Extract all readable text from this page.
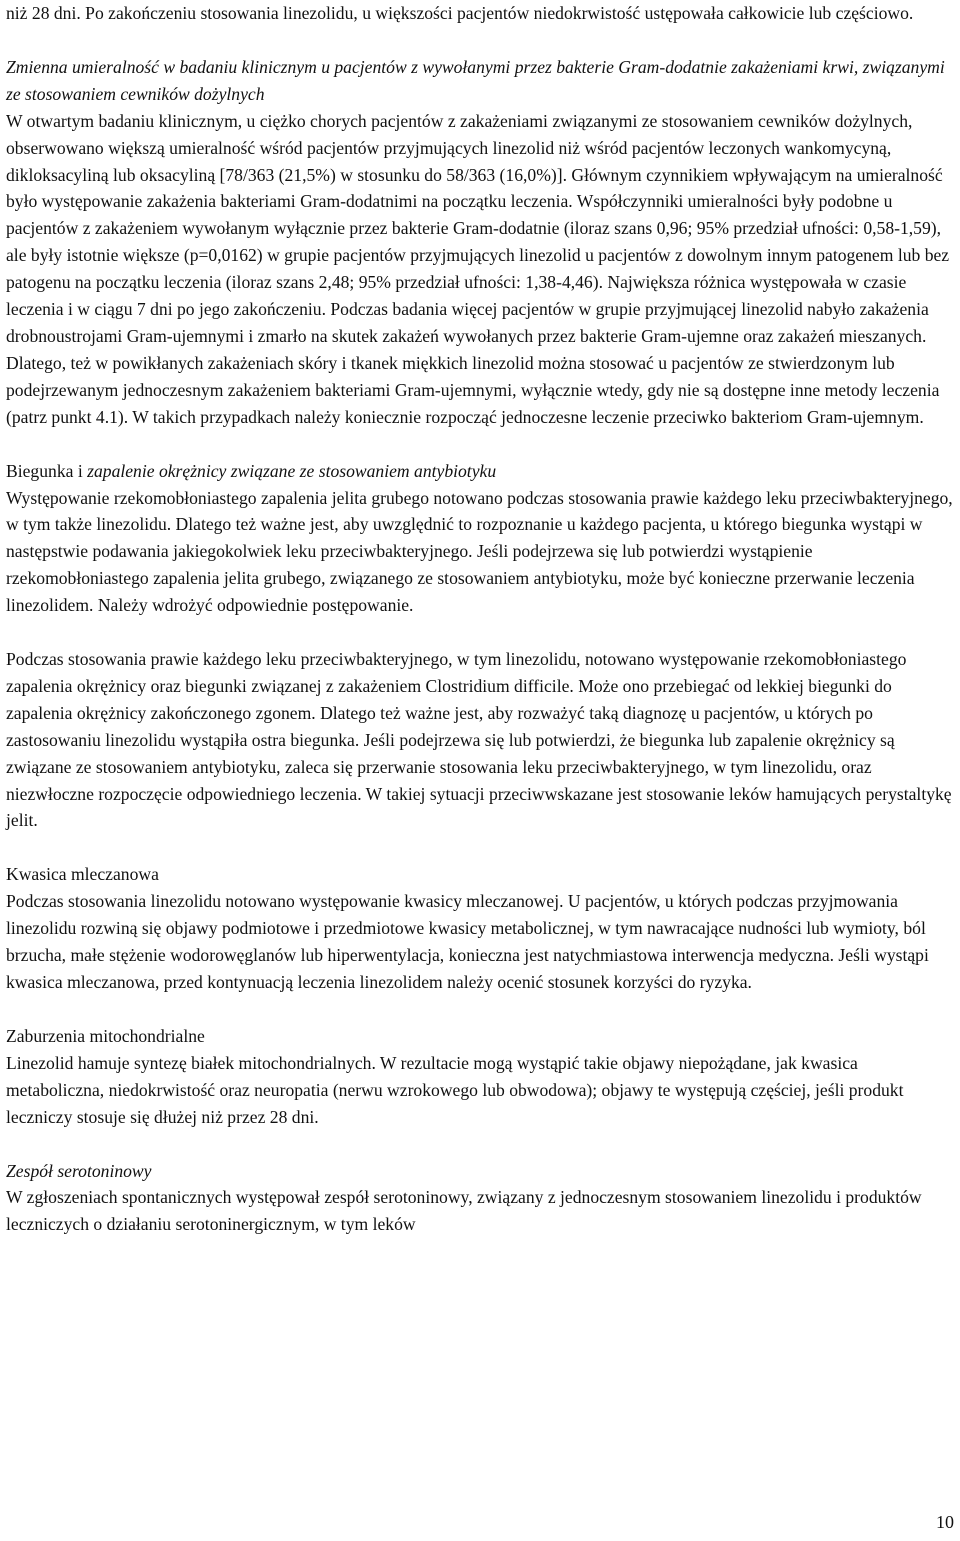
niż 28 dni. Po zakończeniu stosowania linezolidu, u większości pacjentów niedokrwistość ustępowała całkowicie lub częściowo.

Zmienna umieralność w badaniu klinicznym u pacjentów z wywołanymi przez bakterie Gram-dodatnie zakażeniami krwi, związanymi ze stosowaniem cewników dożylnych

W otwartym badaniu klinicznym, u ciężko chorych pacjentów z zakażeniami związanymi ze stosowaniem cewników dożylnych, obserwowano większą umieralność wśród pacjentów przyjmujących linezolid niż wśród pacjentów leczonych wankomycyną, dikloksacyliną lub oksacyliną [78/363 (21,5%) w stosunku do 58/363 (16,0%)]. Głównym czynnikiem wpływającym na umieralność było występowanie zakażenia bakteriami Gram-dodatnimi na początku leczenia. Współczynniki umieralności były podobne u pacjentów z zakażeniem wywołanym wyłącznie przez bakterie Gram-dodatnie (iloraz szans 0,96; 95% przedział ufności: 0,58-1,59), ale były istotnie większe (p=0,0162) w grupie pacjentów przyjmujących linezolid u pacjentów z dowolnym innym patogenem lub bez patogenu na początku leczenia (iloraz szans 2,48; 95% przedział ufności: 1,38-4,46). Największa różnica występowała w czasie leczenia i w ciągu 7 dni po jego zakończeniu. Podczas badania więcej pacjentów w grupie przyjmującej linezolid nabyło zakażenia drobnoustrojami Gram-ujemnymi i zmarło na skutek zakażeń wywołanych przez bakterie Gram-ujemne oraz zakażeń mieszanych. Dlatego, też w powikłanych zakażeniach skóry i tkanek miękkich linezolid można stosować u pacjentów ze stwierdzonym lub podejrzewanym jednoczesnym zakażeniem bakteriami Gram-ujemnymi, wyłącznie wtedy, gdy nie są dostępne inne metody leczenia (patrz punkt 4.1). W takich przypadkach należy koniecznie rozpocząć jednoczesne leczenie przeciwko bakteriom Gram-ujemnym.

Biegunka i zapalenie okrężnicy związane ze stosowaniem antybiotyku

Występowanie rzekomobłoniastego zapalenia jelita grubego notowano podczas stosowania prawie każdego leku przeciwbakteryjnego, w tym także linezolidu. Dlatego też ważne jest, aby uwzględnić to rozpoznanie u każdego pacjenta, u którego biegunka wystąpi w następstwie podawania jakiegokolwiek leku przeciwbakteryjnego. Jeśli podejrzewa się lub potwierdzi wystąpienie rzekomobłoniastego zapalenia jelita grubego, związanego ze stosowaniem antybiotyku, może być konieczne przerwanie leczenia linezolidem. Należy wdrożyć odpowiednie postępowanie.

Podczas stosowania prawie każdego leku przeciwbakteryjnego, w tym linezolidu, notowano występowanie rzekomobłoniastego zapalenia okrężnicy oraz biegunki związanej z zakażeniem Clostridium difficile. Może ono przebiegać od lekkiej biegunki do zapalenia okrężnicy zakończonego zgonem. Dlatego też ważne jest, aby rozważyć taką diagnozę u pacjentów, u których po zastosowaniu linezolidu wystąpiła ostra biegunka. Jeśli podejrzewa się lub potwierdzi, że biegunka lub zapalenie okrężnicy są związane ze stosowaniem antybiotyku, zaleca się przerwanie stosowania leku przeciwbakteryjnego, w tym linezolidu, oraz niezwłoczne rozpoczęcie odpowiedniego leczenia. W takiej sytuacji przeciwwskazane jest stosowanie leków hamujących perystaltykę jelit.

Kwasica mleczanowa

Podczas stosowania linezolidu notowano występowanie kwasicy mleczanowej. U pacjentów, u których podczas przyjmowania linezolidu rozwiną się objawy podmiotowe i przedmiotowe kwasicy metabolicznej, w tym nawracające nudności lub wymioty, ból brzucha, małe stężenie wodorowęglanów lub hiperwentylacja, konieczna jest natychmiastowa interwencja medyczna. Jeśli wystąpi kwasica mleczanowa, przed kontynuacją leczenia linezolidem należy ocenić stosunek korzyści do ryzyka.

Zaburzenia mitochondrialne

Linezolid hamuje syntezę białek mitochondrialnych. W rezultacie mogą wystąpić takie objawy niepożądane, jak kwasica metaboliczna, niedokrwistość oraz neuropatia (nerwu wzrokowego lub obwodowa); objawy te występują częściej, jeśli produkt leczniczy stosuje się dłużej niż przez 28 dni.

Zespół serotoninowy

W zgłoszeniach spontanicznych występował zespół serotoninowy, związany z jednoczesnym stosowaniem linezolidu i produktów leczniczych o działaniu serotoninergicznym, w tym leków

10
